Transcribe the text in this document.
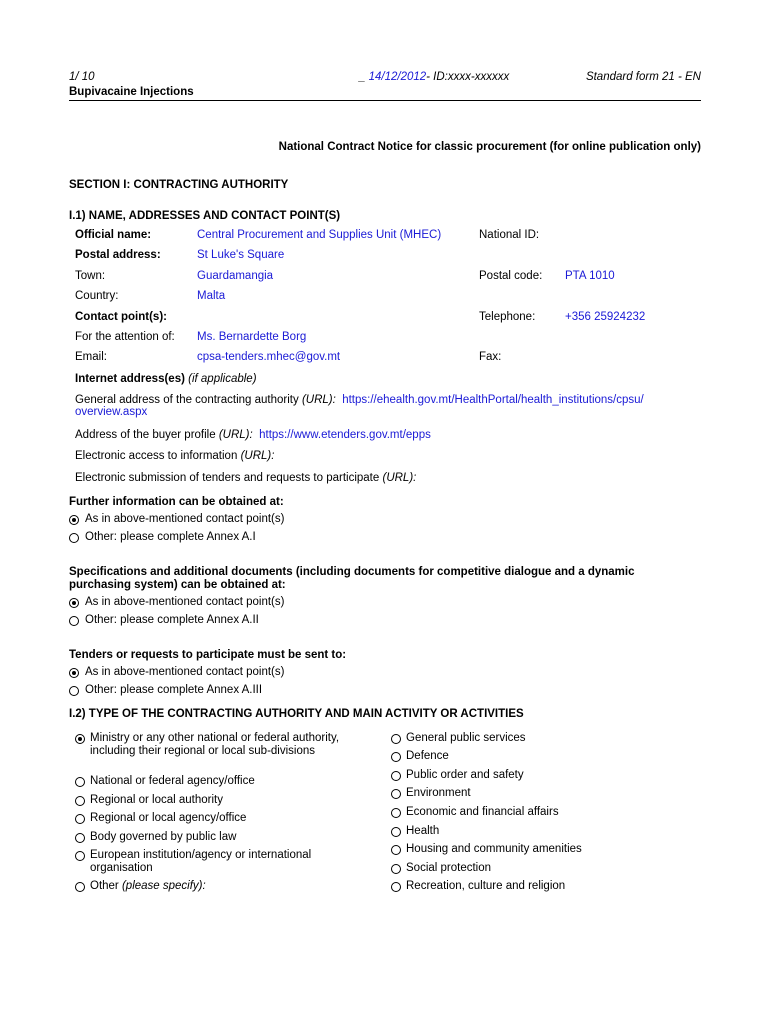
1/ 10	_ 14/12/2012- ID:xxxx-xxxxxx	Standard form 21 - EN
Bupivacaine Injections
National Contract Notice for classic procurement (for online publication only)
SECTION I: CONTRACTING AUTHORITY
I.1) NAME, ADDRESSES AND CONTACT POINT(S)
Official name:	Central Procurement and Supplies Unit (MHEC)	National ID:
Postal address:	St Luke's Square
Town:	Guardamangia	Postal code: PTA 1010
Country:	Malta
Contact point(s):	Telephone:	+356 25924232
For the attention of: Ms. Bernardette Borg
Email:	cpsa-tenders.mhec@gov.mt	Fax:
Internet address(es) (if applicable)
General address of the contracting authority (URL): https://ehealth.gov.mt/HealthPortal/health_institutions/cpsu/
overview.aspx
Address of the buyer profile (URL): https://www.etenders.gov.mt/epps
Electronic access to information (URL):
Electronic submission of tenders and requests to participate (URL):
Further information can be obtained at:
As in above-mentioned contact point(s)
Other: please complete Annex A.I
Specifications and additional documents (including documents for competitive dialogue and a dynamic
purchasing system) can be obtained at:
As in above-mentioned contact point(s)
Other: please complete Annex A.II
Tenders or requests to participate must be sent to:
As in above-mentioned contact point(s)
Other: please complete Annex A.III
I.2) TYPE OF THE CONTRACTING AUTHORITY AND MAIN ACTIVITY OR ACTIVITIES
Ministry or any other national or federal authority, including their regional or local sub-divisions
National or federal agency/office
Regional or local authority
Regional or local agency/office
Body governed by public law
European institution/agency or international organisation
Other (please specify):
General public services
Defence
Public order and safety
Environment
Economic and financial affairs
Health
Housing and community amenities
Social protection
Recreation, culture and religion
